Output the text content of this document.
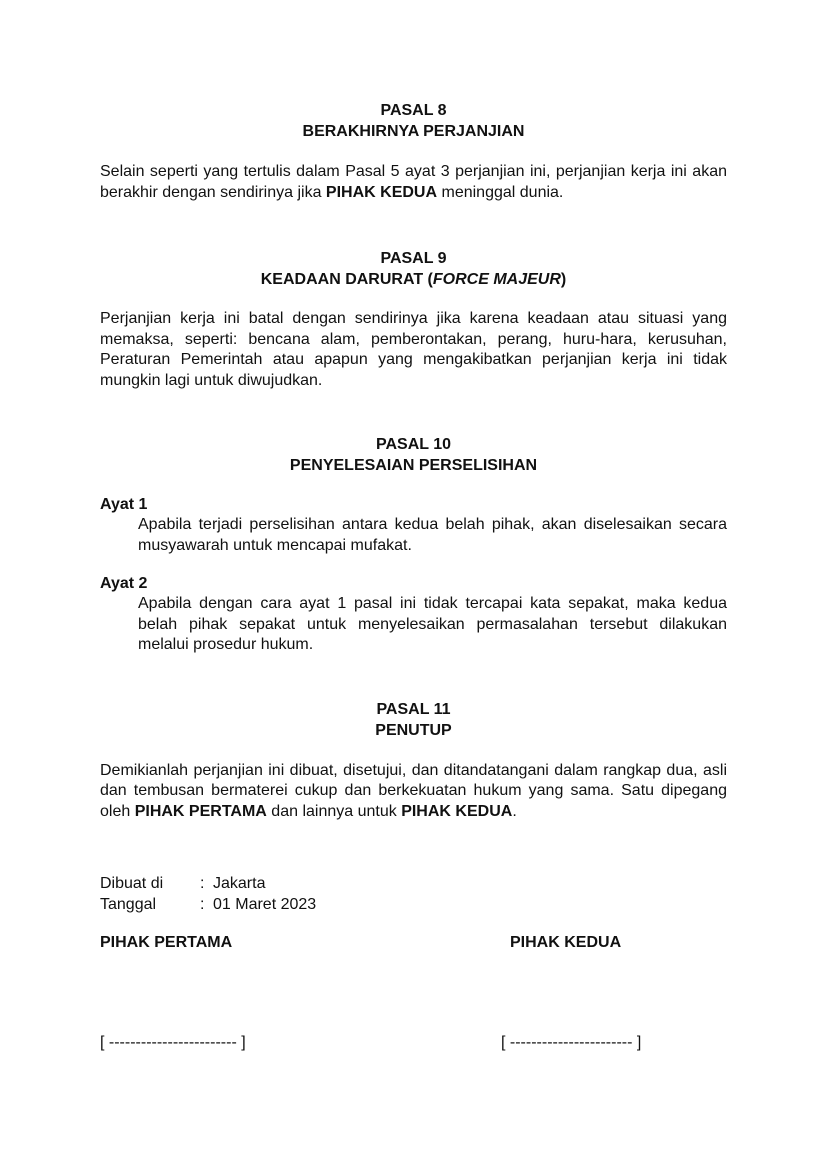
PASAL 8

BERAKHIRNYA PERJANJIAN

Selain seperti yang tertulis dalam Pasal 5 ayat 3 perjanjian ini, perjanjian kerja ini akan berakhir dengan sendirinya jika PIHAK KEDUA meninggal dunia.

PASAL 9

KEADAAN DARURAT (FORCE MAJEUR)

Perjanjian kerja ini batal dengan sendirinya jika karena keadaan atau situasi yang memaksa, seperti: bencana alam, pemberontakan, perang, huru-hara, kerusuhan, Peraturan Pemerintah atau apapun yang mengakibatkan perjanjian kerja ini tidak mungkin lagi untuk diwujudkan.

PASAL 10

PENYELESAIAN PERSELISIHAN

Ayat 1

Apabila terjadi perselisihan antara kedua belah pihak, akan diselesaikan secara musyawarah untuk mencapai mufakat.

Ayat 2

Apabila dengan cara ayat 1 pasal ini tidak tercapai kata sepakat, maka kedua belah pihak sepakat untuk menyelesaikan permasalahan tersebut dilakukan melalui prosedur hukum.

PASAL 11

PENUTUP

Demikianlah perjanjian ini dibuat, disetujui, dan ditandatangani dalam rangkap dua, asli dan tembusan bermaterei cukup dan berkekuatan hukum yang sama. Satu dipegang oleh PIHAK PERTAMA dan lainnya untuk PIHAK KEDUA.

Dibuat di	: Jakarta
Tanggal	: 01 Maret 2023
PIHAK PERTAMA	PIHAK KEDUA
[ ------------------------ ]	[ ----------------------- ]
